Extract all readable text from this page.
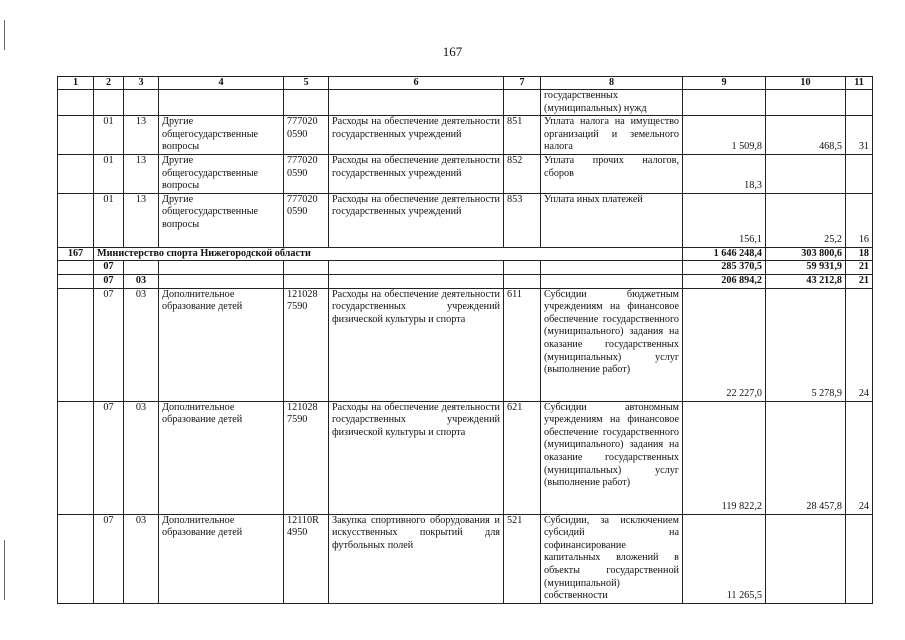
167
1	2	3	4	5	6	7	8	9	10	11
							государственных (муниципальных) нужд			
	01	13	Другие общегосударственные вопросы	777020 0590	Расходы на обеспечение деятельности государственных учреждений	851	Уплата налога на имущество организаций и земельного налога	1 509,8	468,5	31
	01	13	Другие общегосударственные вопросы	777020 0590	Расходы на обеспечение деятельности государственных учреждений	852	Уплата прочих налогов, сборов	18,3		
	01	13	Другие общегосударственные вопросы	777020 0590	Расходы на обеспечение деятельности государственных учреждений	853	Уплата иных платежей	156,1	25,2	16
167	Министерство спорта Нижегородской области							1 646 248,4	303 800,6	18
	07							285 370,5	59 931,9	21
	07	03						206 894,2	43 212,8	21
	07	03	Дополнительное образование детей	121028 7590	Расходы на обеспечение деятельности государственных учреждений физической культуры и спорта	611	Субсидии бюджетным учреждениям на финансовое обеспечение государственного (муниципального) задания на оказание государственных (муниципальных) услуг (выполнение работ)	22 227,0	5 278,9	24
	07	03	Дополнительное образование детей	121028 7590	Расходы на обеспечение деятельности государственных учреждений физической культуры и спорта	621	Субсидии автономным учреждениям на финансовое обеспечение государственного (муниципального) задания на оказание государственных (муниципальных) услуг (выполнение работ)	119 822,2	28 457,8	24
	07	03	Дополнительное образование детей	12110R 4950	Закупка спортивного оборудования и искусственных покрытий для футбольных полей	521	Субсидии, за исключением субсидий на софинансирование капитальных вложений в объекты государственной (муниципальной) собственности	11 265,5		
